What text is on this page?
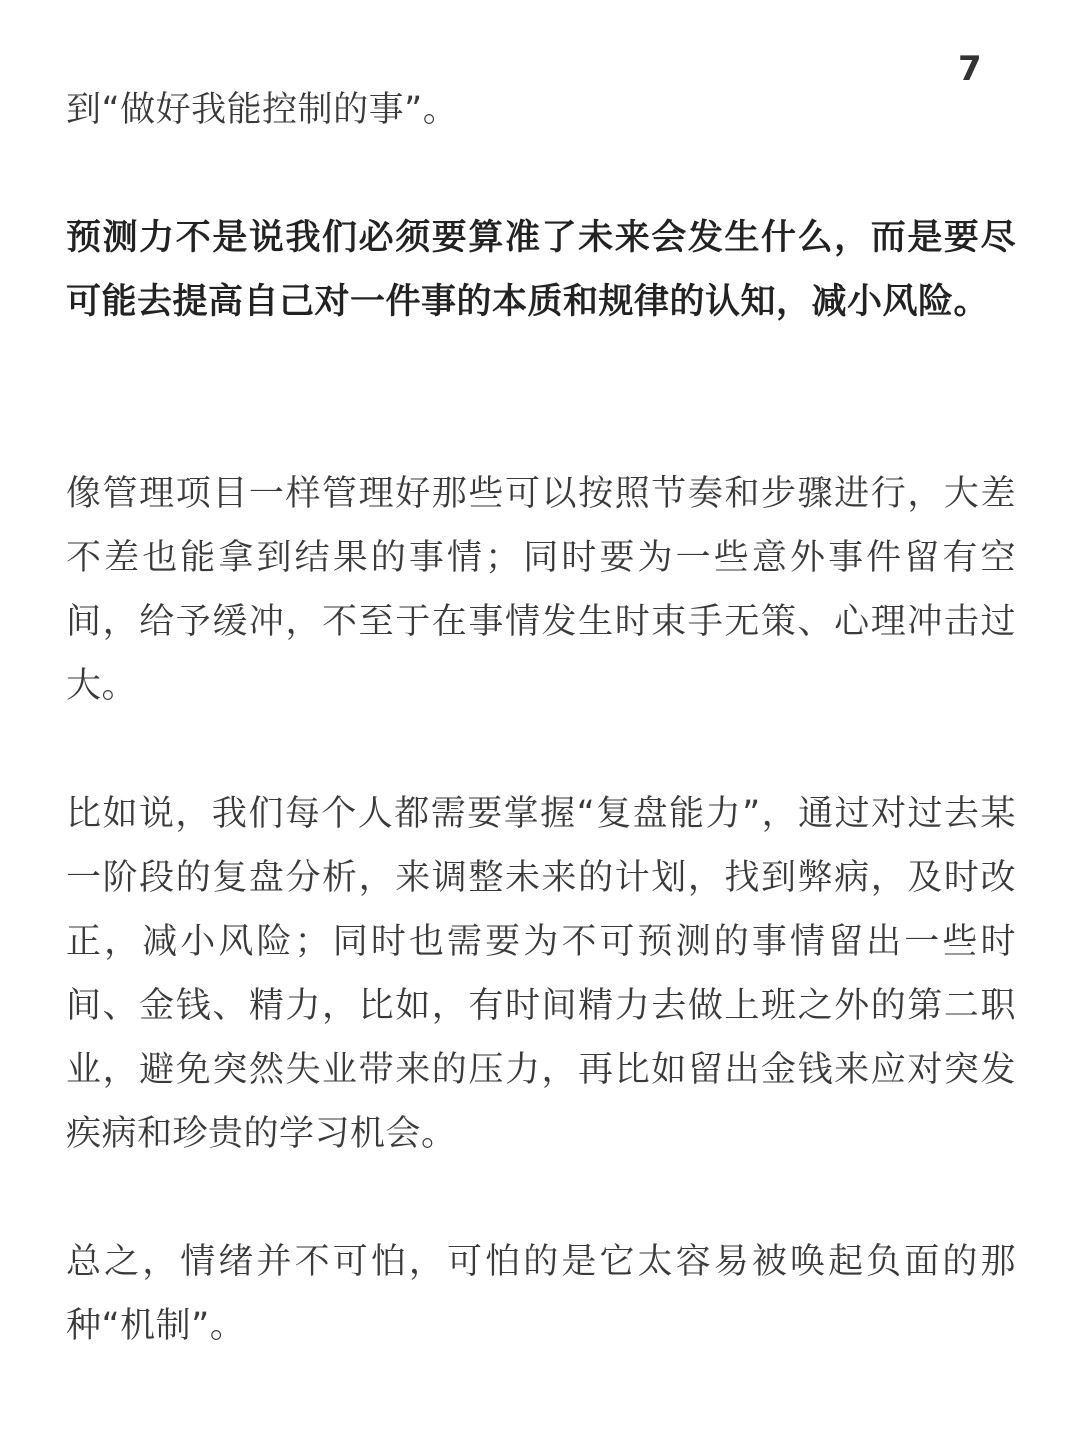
7

到“做好我能控制的事”。

预测力不是说我们必须要算准了未来会发生什么，而是要尽可能去提高自己对一件事的本质和规律的认知，减小风险。

像管理项目一样管理好那些可以按照节奏和步骤进行，大差不差也能拿到结果的事情；同时要为一些意外事件留有空间，给予缓冲，不至于在事情发生时束手无策、心理冲击过大。

比如说，我们每个人都需要掌握“复盘能力”，通过对过去某一阶段的复盘分析，来调整未来的计划，找到弊病，及时改正，减小风险；同时也需要为不可预测的事情留出一些时间、金钱、精力，比如，有时间精力去做上班之外的第二职业，避免突然失业带来的压力，再比如留出金钱来应对突发疾病和珍贵的学习机会。

总之，情绪并不可怕，可怕的是它太容易被唤起负面的那种“机制”。
